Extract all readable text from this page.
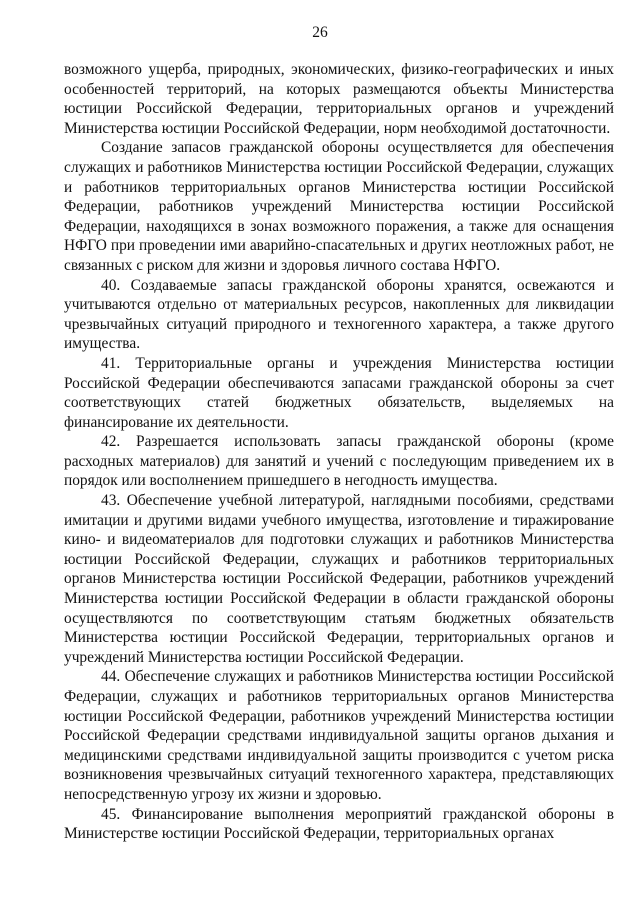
26

возможного ущерба, природных, экономических, физико-географических и иных особенностей территорий, на которых размещаются объекты Министерства юстиции Российской Федерации, территориальных органов и учреждений Министерства юстиции Российской Федерации, норм необходимой достаточности.

Создание запасов гражданской обороны осуществляется для обеспечения служащих и работников Министерства юстиции Российской Федерации, служащих и работников территориальных органов Министерства юстиции Российской Федерации, работников учреждений Министерства юстиции Российской Федерации, находящихся в зонах возможного поражения, а также для оснащения НФГО при проведении ими аварийно-спасательных и других неотложных работ, не связанных с риском для жизни и здоровья личного состава НФГО.

40. Создаваемые запасы гражданской обороны хранятся, освежаются и учитываются отдельно от материальных ресурсов, накопленных для ликвидации чрезвычайных ситуаций природного и техногенного характера, а также другого имущества.

41. Территориальные органы и учреждения Министерства юстиции Российской Федерации обеспечиваются запасами гражданской обороны за счет соответствующих статей бюджетных обязательств, выделяемых на финансирование их деятельности.

42. Разрешается использовать запасы гражданской обороны (кроме расходных материалов) для занятий и учений с последующим приведением их в порядок или восполнением пришедшего в негодность имущества.

43. Обеспечение учебной литературой, наглядными пособиями, средствами имитации и другими видами учебного имущества, изготовление и тиражирование кино- и видеоматериалов для подготовки служащих и работников Министерства юстиции Российской Федерации, служащих и работников территориальных органов Министерства юстиции Российской Федерации, работников учреждений Министерства юстиции Российской Федерации в области гражданской обороны осуществляются по соответствующим статьям бюджетных обязательств Министерства юстиции Российской Федерации, территориальных органов и учреждений Министерства юстиции Российской Федерации.

44. Обеспечение служащих и работников Министерства юстиции Российской Федерации, служащих и работников территориальных органов Министерства юстиции Российской Федерации, работников учреждений Министерства юстиции Российской Федерации средствами индивидуальной защиты органов дыхания и медицинскими средствами индивидуальной защиты производится с учетом риска возникновения чрезвычайных ситуаций техногенного характера, представляющих непосредственную угрозу их жизни и здоровью.

45. Финансирование выполнения мероприятий гражданской обороны в Министерстве юстиции Российской Федерации, территориальных органах
